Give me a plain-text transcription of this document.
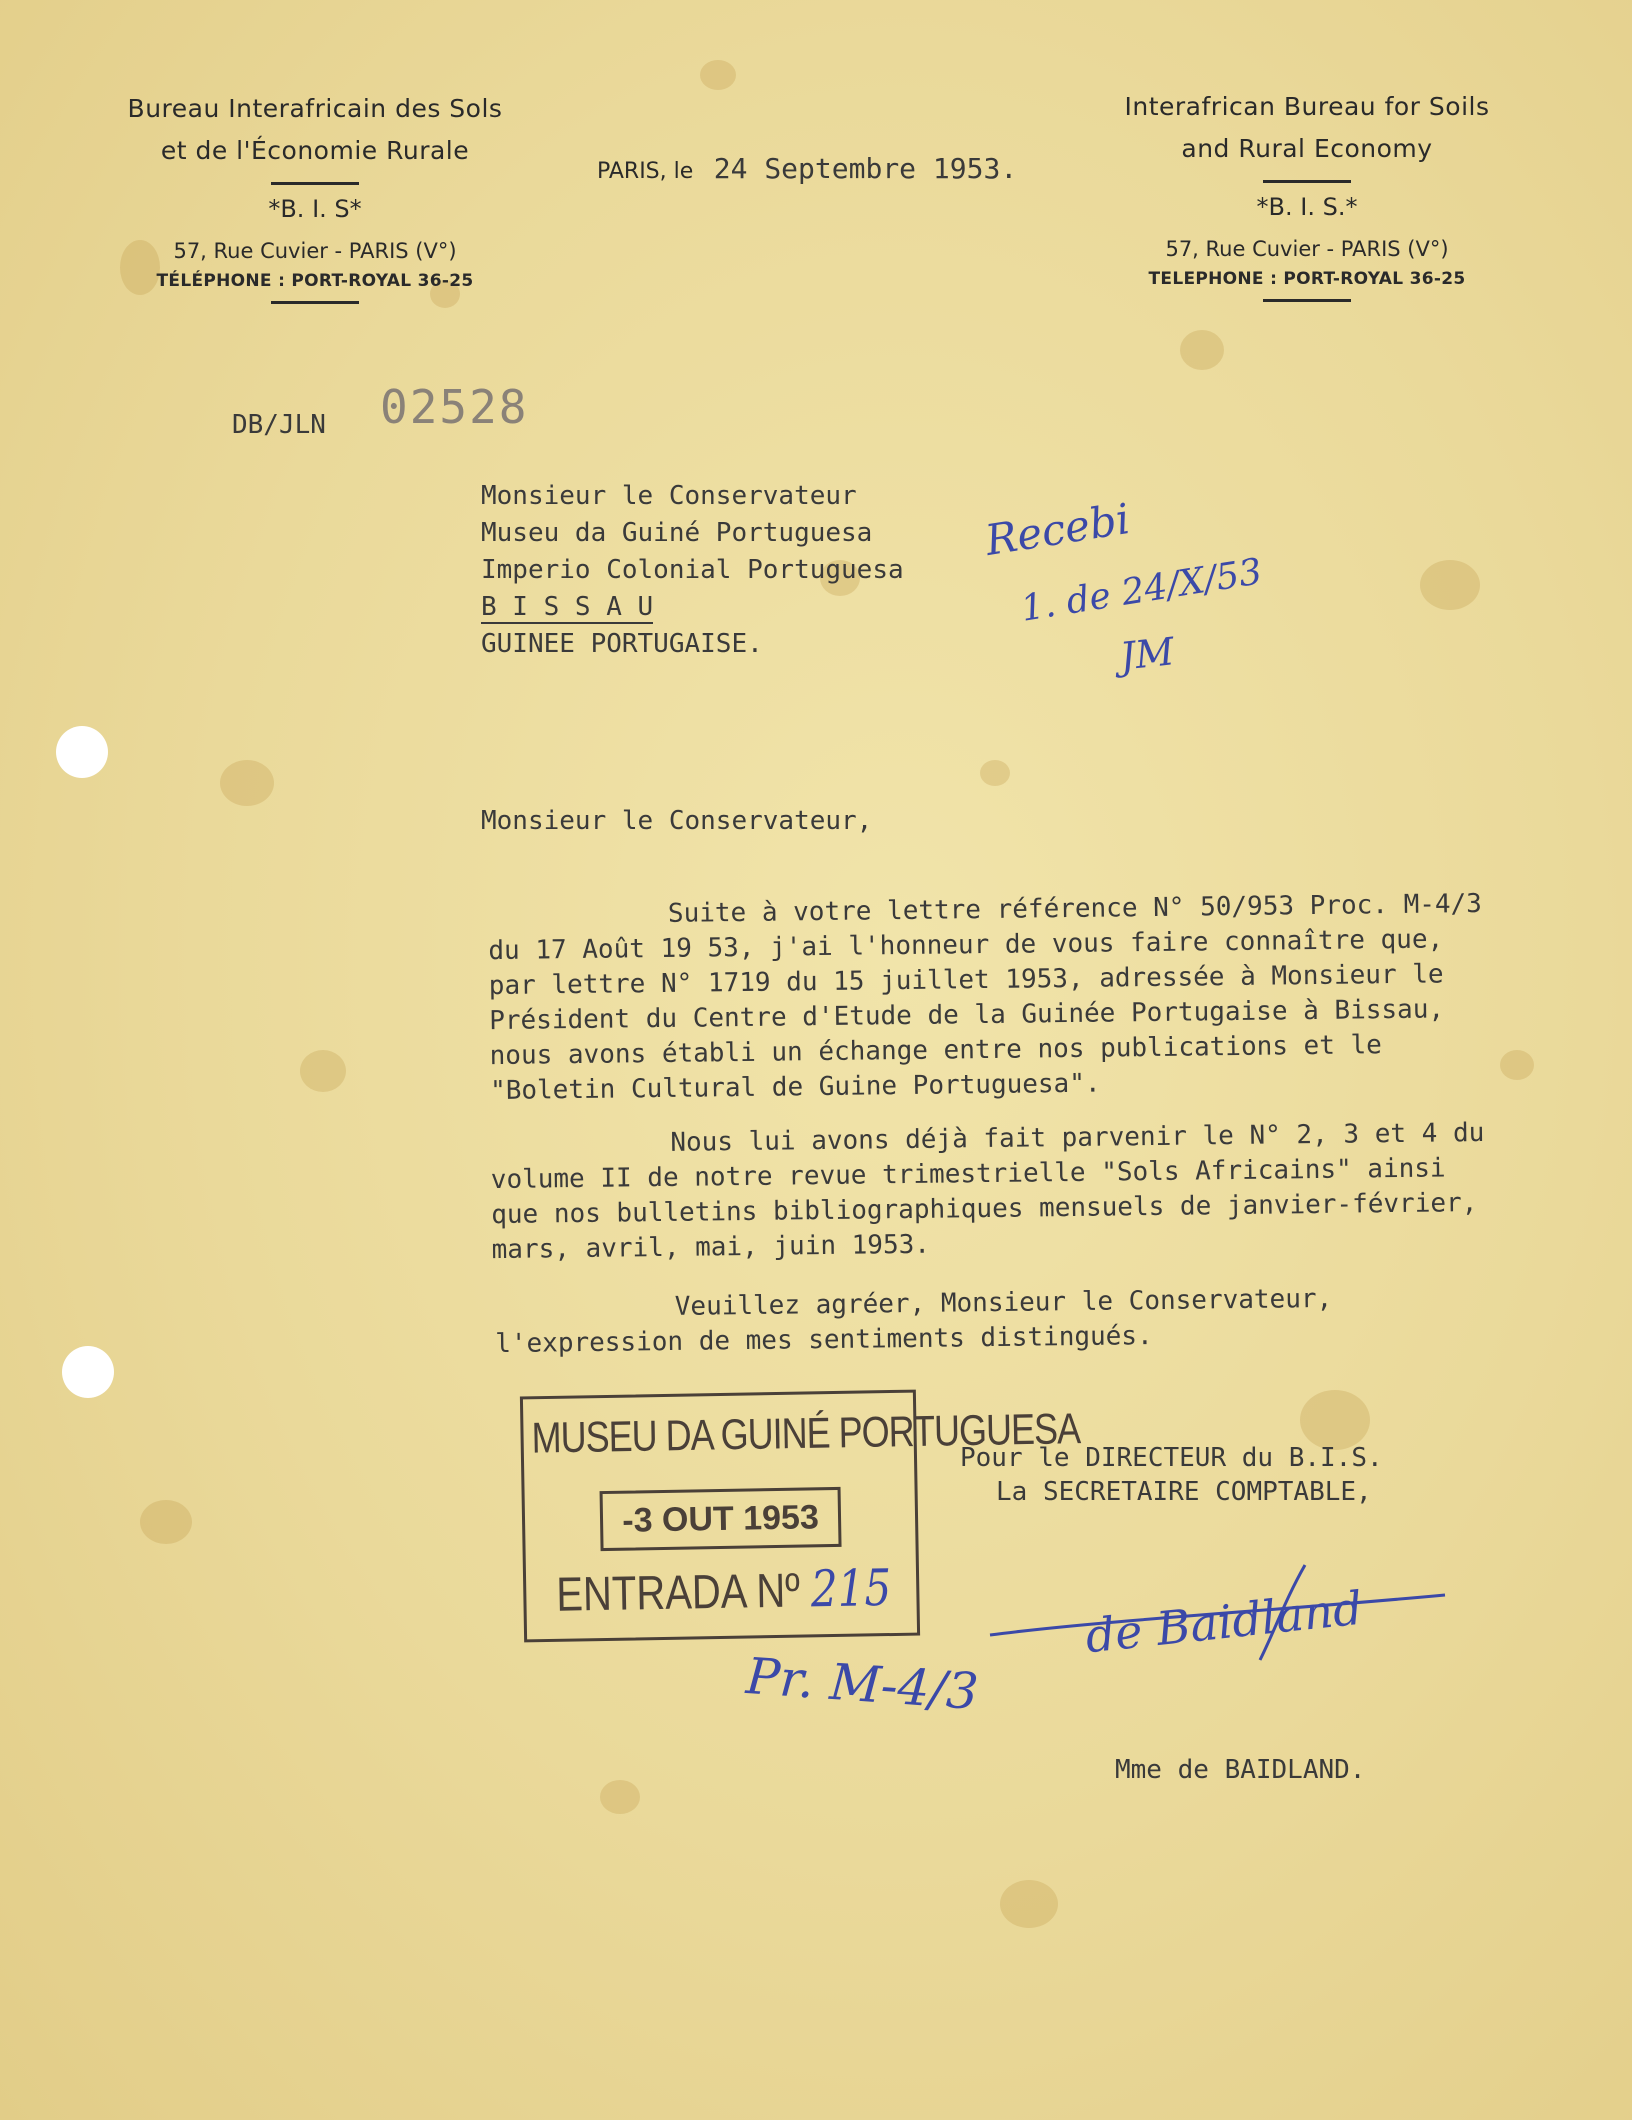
Bureau Interafricain des Sols
et de l'Économie Rurale
*B. I. S*
57, Rue Cuvier - PARIS (V°)
TÉLÉPHONE : PORT-ROYAL 36-25
Interafrican Bureau for Soils
and Rural Economy
*B. I. S.*
57, Rue Cuvier - PARIS (V°)
TELEPHONE : PORT-ROYAL 36-25
PARIS, le 24 Septembre 1953.
DB/JLN 02528
Monsieur le Conservateur
Museu da Guiné Portuguesa
Imperio Colonial Portuguesa
B I S S A U
GUINEE PORTUGAISE.
Recebi
1. de 24/X/53
JM
Monsieur le Conservateur,
Suite à votre lettre référence N° 50/953 Proc. M-4/3
du 17 Août 19 53, j'ai l'honneur de vous faire connaître que,
par lettre N° 1719 du 15 juillet 1953, adressée à Monsieur le
Président du Centre d'Etude de la Guinée Portugaise à Bissau,
nous avons établi un échange entre nos publications et le
"Boletin Cultural de Guine Portuguesa".
Nous lui avons déjà fait parvenir le N° 2, 3 et 4 du
volume II de notre revue trimestrielle "Sols Africains" ainsi
que nos bulletins bibliographiques mensuels de janvier-février,
mars, avril, mai, juin 1953.
Veuillez agréer, Monsieur le Conservateur,
l'expression de mes sentiments distingués.
MUSEU DA GUINÉ PORTUGUESA
-3 OUT 1953
ENTRADA Nº 215
Pr. M-4/3
Pour le DIRECTEUR du B.I.S.
La SECRETAIRE COMPTABLE,
de Baidland
Mme de BAIDLAND.
